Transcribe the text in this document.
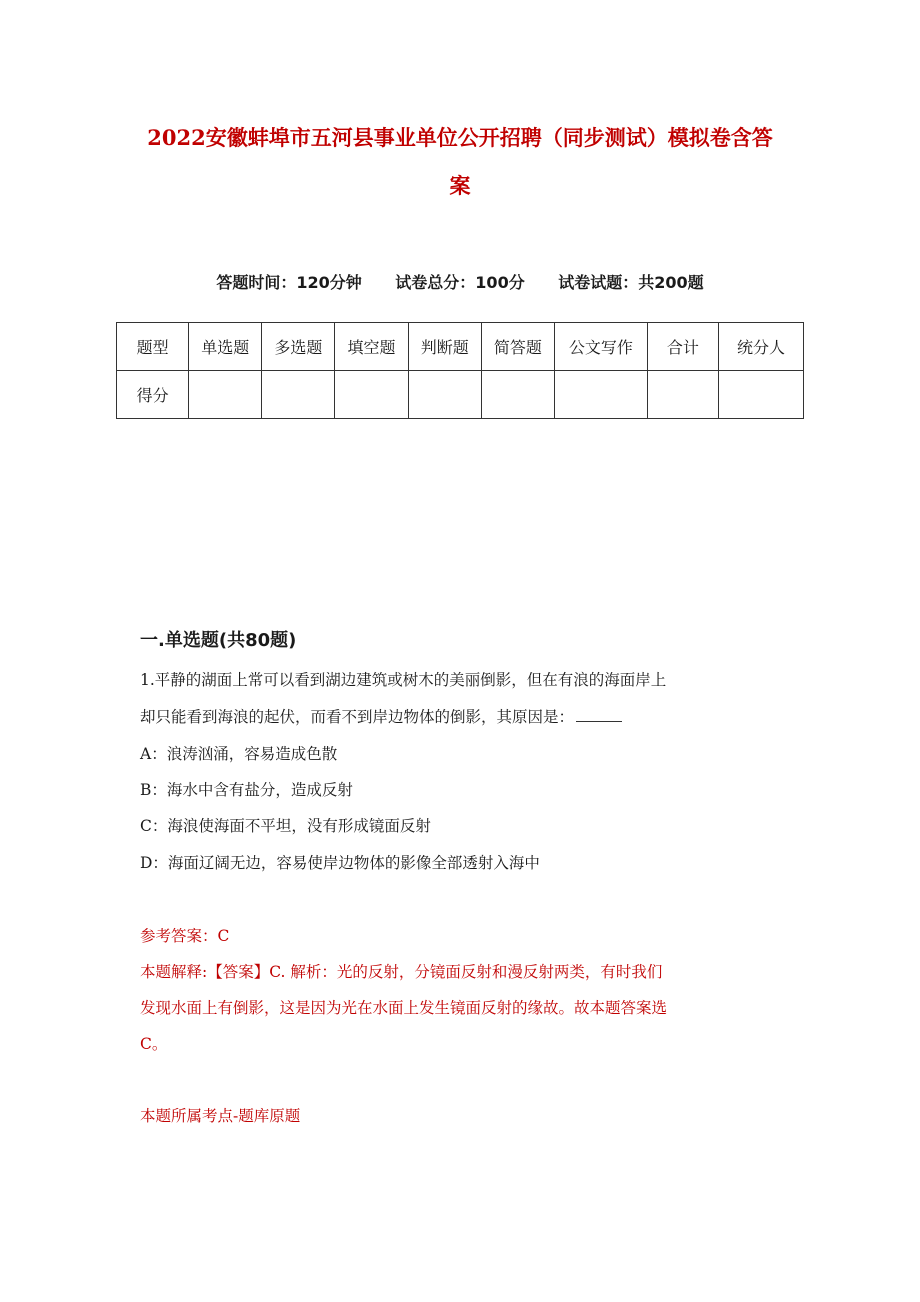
2022安徽蚌埠市五河县事业单位公开招聘（同步测试）模拟卷含答
案
答题时间：120分钟 试卷总分：100分 试卷试题：共200题
题型	单选题	多选题	填空题	判断题	简答题	公文写作	合计	统分人
得分								
一.单选题(共80题)
1.平静的湖面上常可以看到湖边建筑或树木的美丽倒影，但在有浪的海面岸上
却只能看到海浪的起伏，而看不到岸边物体的倒影，其原因是：
A：浪涛汹涌，容易造成色散
B：海水中含有盐分，造成反射
C：海浪使海面不平坦，没有形成镜面反射
D：海面辽阔无边，容易使岸边物体的影像全部透射入海中
参考答案：C
本题解释:【答案】C. 解析：光的反射，分镜面反射和漫反射两类，有时我们
发现水面上有倒影，这是因为光在水面上发生镜面反射的缘故。故本题答案选
C。
本题所属考点-题库原题
